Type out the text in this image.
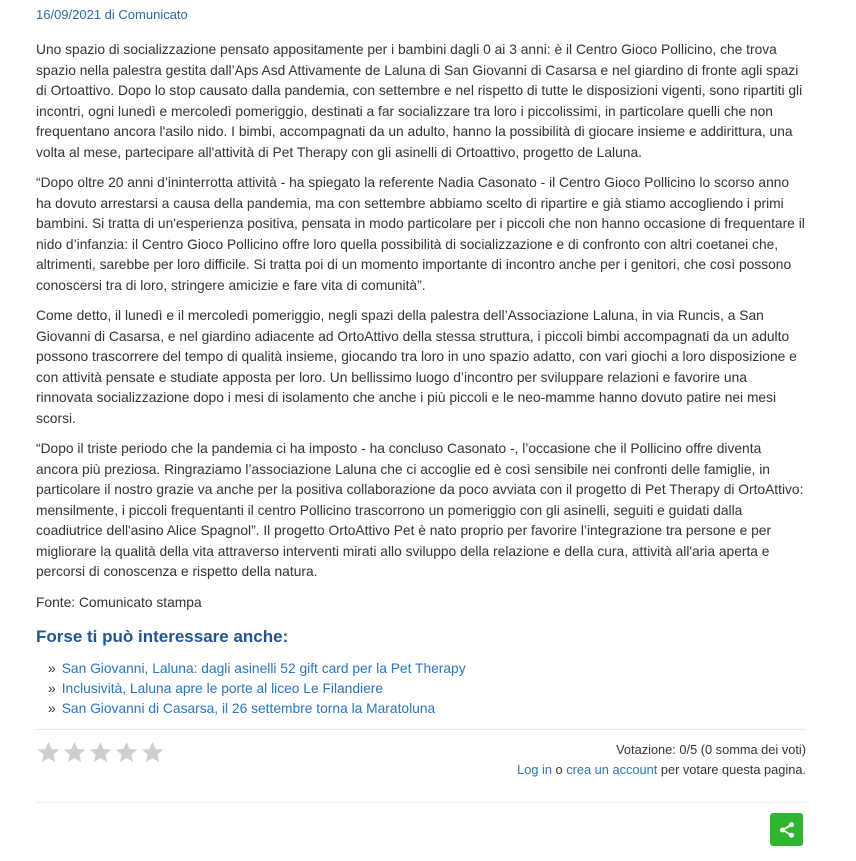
16/09/2021 di Comunicato

Uno spazio di socializzazione pensato appositamente per i bambini dagli 0 ai 3 anni: è il Centro Gioco Pollicino, che trova spazio nella palestra gestita dall’Aps Asd Attivamente de Laluna di San Giovanni di Casarsa e nel giardino di fronte agli spazi di Ortoattivo. Dopo lo stop causato dalla pandemia, con settembre e nel rispetto di tutte le disposizioni vigenti, sono ripartiti gli incontri, ogni lunedì e mercoledì pomeriggio, destinati a far socializzare tra loro i piccolissimi, in particolare quelli che non frequentano ancora l'asilo nido. I bimbi, accompagnati da un adulto, hanno la possibilità di giocare insieme e addirittura, una volta al mese, partecipare all'attività di Pet Therapy con gli asinelli di Ortoattivo, progetto de Laluna.

“Dopo oltre 20 anni d’ininterrotta attività - ha spiegato la referente Nadia Casonato - il Centro Gioco Pollicino lo scorso anno ha dovuto arrestarsi a causa della pandemia, ma con settembre abbiamo scelto di ripartire e già stiamo accogliendo i primi bambini. Si tratta di un'esperienza positiva, pensata in modo particolare per i piccoli che non hanno occasione di frequentare il nido d’infanzia: il Centro Gioco Pollicino offre loro quella possibilità di socializzazione e di confronto con altri coetanei che, altrimenti, sarebbe per loro difficile. Si tratta poi di un momento importante di incontro anche per i genitori, che così possono conoscersi tra di loro, stringere amicizie e fare vita di comunità”.

Come detto, il lunedì e il mercoledì pomeriggio, negli spazi della palestra dell’Associazione Laluna, in via Runcis, a San Giovanni di Casarsa, e nel giardino adiacente ad OrtoAttivo della stessa struttura, i piccoli bimbi accompagnati da un adulto possono trascorrere del tempo di qualità insieme, giocando tra loro in uno spazio adatto, con vari giochi a loro disposizione e con attività pensate e studiate apposta per loro. Un bellissimo luogo d’incontro per sviluppare relazioni e favorire una rinnovata socializzazione dopo i mesi di isolamento che anche i più piccoli e le neo-mamme hanno dovuto patire nei mesi scorsi.

“Dopo il triste periodo che la pandemia ci ha imposto - ha concluso Casonato -, l’occasione che il Pollicino offre diventa ancora più preziosa. Ringraziamo l’associazione Laluna che ci accoglie ed è così sensibile nei confronti delle famiglie, in particolare il nostro grazie va anche per la positiva collaborazione da poco avviata con il progetto di Pet Therapy di OrtoAttivo: mensilmente, i piccoli frequentanti il centro Pollicino trascorrono un pomeriggio con gli asinelli, seguiti e guidati dalla coadiutrice dell'asino Alice Spagnol”. Il progetto OrtoAttivo Pet è nato proprio per favorire l’integrazione tra persone e per migliorare la qualità della vita attraverso interventi mirati allo sviluppo della relazione e della cura, attività all'aria aperta e percorsi di conoscenza e rispetto della natura.

Fonte: Comunicato stampa

Forse ti può interessare anche:
» San Giovanni, Laluna: dagli asinelli 52 gift card per la Pet Therapy
» Inclusività, Laluna apre le porte al liceo Le Filandiere
» San Giovanni di Casarsa, il 26 settembre torna la Maratoluna
Votazione: 0/5 (0 somma dei voti)
Log in o crea un account per votare questa pagina.
